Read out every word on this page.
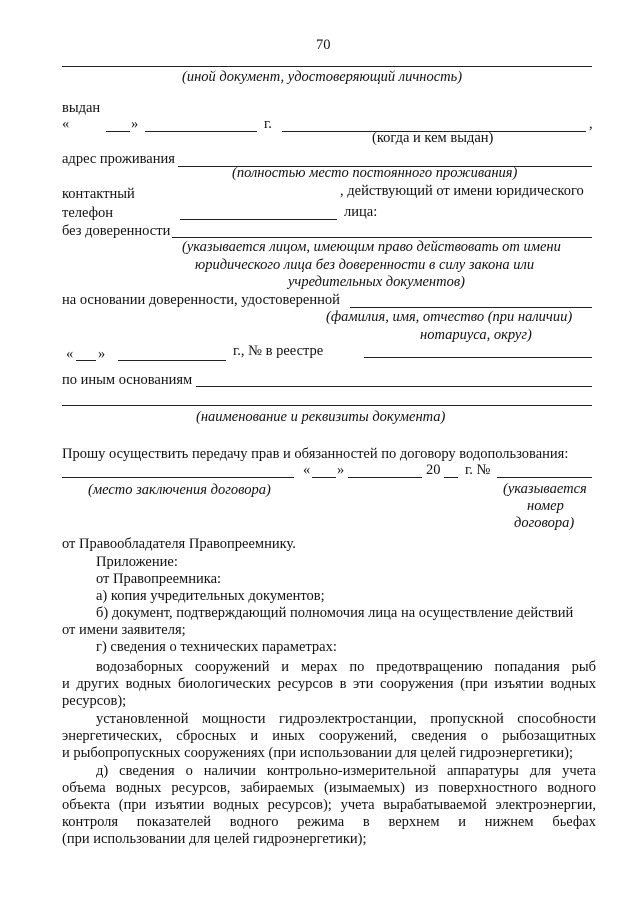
70
(иной документ, удостоверяющий личность)
выдан
«	»	г.	,
(когда и кем выдан)
адрес проживания
(полностью место постоянного проживания)
контактный	, действующий от имени юридического
телефон	лица:
без доверенности
(указывается лицом, имеющим право действовать от имени
юридического лица без доверенности в силу закона или
учредительных документов)
на основании доверенности, удостоверенной
(фамилия, имя, отчество (при наличии)
нотариуса, округ)
« »	г., № в реестре
по иным основаниям
(наименование и реквизиты документа)
Прошу осуществить передачу прав и обязанностей по договору водопользования:
« »	20 г. №
(место заключения договора)	(указывается
номер
договора)
от Правообладателя Правопреемнику.
Приложение:
от Правопреемника:
а) копия учредительных документов;
б) документ, подтверждающий полномочия лица на осуществление действий
от имени заявителя;
г) сведения о технических параметрах:
водозаборных сооружений и мерах по предотвращению попадания рыб
и других водных биологических ресурсов в эти сооружения (при изъятии водных
ресурсов);
установленной мощности гидроэлектростанции, пропускной способности
энергетических, сбросных и иных сооружений, сведения о рыбозащитных
и рыбопропускных сооружениях (при использовании для целей гидроэнергетики);
д) сведения о наличии контрольно-измерительной аппаратуры для учета
объема водных ресурсов, забираемых (изымаемых) из поверхностного водного
объекта (при изъятии водных ресурсов); учета вырабатываемой электроэнергии,
контроля показателей водного режима в верхнем и нижнем бьефах
(при использовании для целей гидроэнергетики);
